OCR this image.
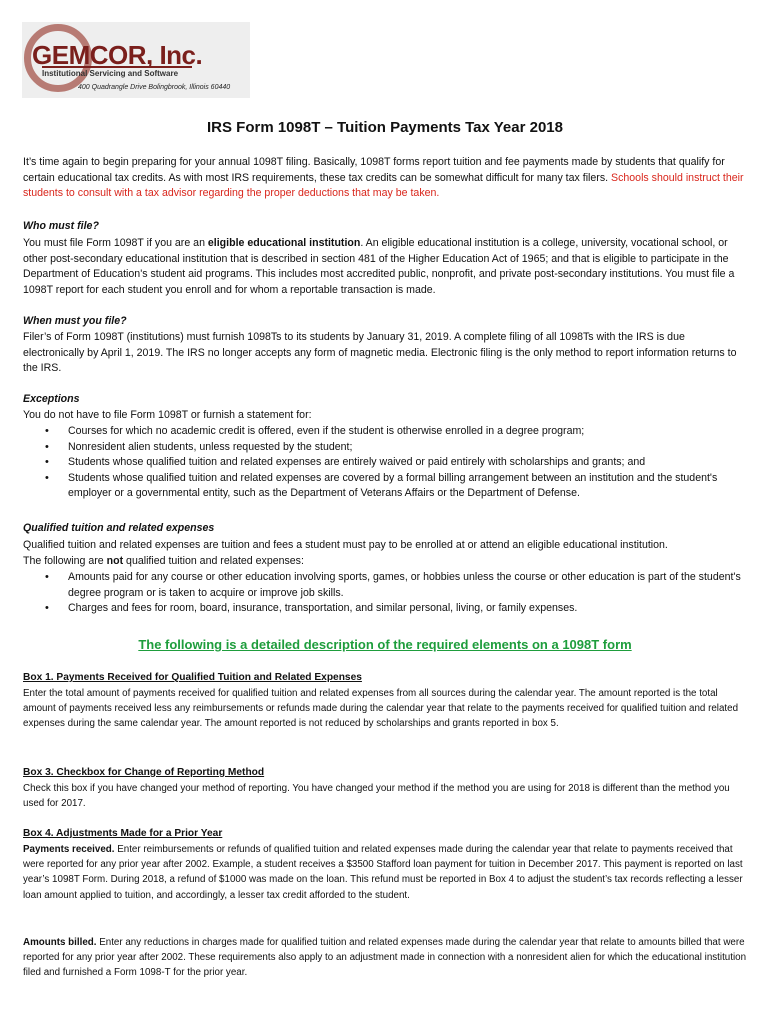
GEMCOR, Inc.
Institutional Servicing and Software
400 Quadrangle Drive Bolingbrook, Illinois 60440
IRS Form 1098T – Tuition Payments Tax Year 2018

It’s time again to begin preparing for your annual 1098T filing. Basically, 1098T forms report tuition and fee payments made by students that qualify for certain educational tax credits. As with most IRS requirements, these tax credits can be somewhat difficult for many tax filers. Schools should instruct their students to consult with a tax advisor regarding the proper deductions that may be taken.

Who must file?

You must file Form 1098T if you are an eligible educational institution. An eligible educational institution is a college, university, vocational school, or other post-secondary educational institution that is described in section 481 of the Higher Education Act of 1965; and that is eligible to participate in the Department of Education's student aid programs. This includes most accredited public, nonprofit, and private post-secondary institutions. You must file a 1098T report for each student you enroll and for whom a reportable transaction is made.

When must you file?

Filer’s of Form 1098T (institutions) must furnish 1098Ts to its students by January 31, 2019. A complete filing of all 1098Ts with the IRS is due electronically by April 1, 2019. The IRS no longer accepts any form of magnetic media. Electronic filing is the only method to report information returns to the IRS.

Exceptions

You do not have to file Form 1098T or furnish a statement for:

• Courses for which no academic credit is offered, even if the student is otherwise enrolled in a degree program;
• Nonresident alien students, unless requested by the student;
• Students whose qualified tuition and related expenses are entirely waived or paid entirely with scholarships and grants; and
• Students whose qualified tuition and related expenses are covered by a formal billing arrangement between an institution and the student's employer or a governmental entity, such as the Department of Veterans Affairs or the Department of Defense.

Qualified tuition and related expenses

Qualified tuition and related expenses are tuition and fees a student must pay to be enrolled at or attend an eligible educational institution.

The following are not qualified tuition and related expenses:

• Amounts paid for any course or other education involving sports, games, or hobbies unless the course or other education is part of the student's degree program or is taken to acquire or improve job skills.
• Charges and fees for room, board, insurance, transportation, and similar personal, living, or family expenses.
The following is a detailed description of the required elements on a 1098T form

Box 1. Payments Received for Qualified Tuition and Related Expenses

Enter the total amount of payments received for qualified tuition and related expenses from all sources during the calendar year. The amount reported is the total amount of payments received less any reimbursements or refunds made during the calendar year that relate to the payments received for qualified tuition and related expenses during the same calendar year. The amount reported is not reduced by scholarships and grants reported in box 5.

Box 3. Checkbox for Change of Reporting Method

Check this box if you have changed your method of reporting. You have changed your method if the method you are using for 2018 is different than the method you used for 2017.

Box 4. Adjustments Made for a Prior Year

Payments received. Enter reimbursements or refunds of qualified tuition and related expenses made during the calendar year that relate to payments received that were reported for any prior year after 2002. Example, a student receives a $3500 Stafford loan payment for tuition in December 2017. This payment is reported on last year’s 1098T Form. During 2018, a refund of $1000 was made on the loan. This refund must be reported in Box 4 to adjust the student’s tax records reflecting a lesser loan amount applied to tuition, and accordingly, a lesser tax credit afforded to the student.

Amounts billed. Enter any reductions in charges made for qualified tuition and related expenses made during the calendar year that relate to amounts billed that were reported for any prior year after 2002. These requirements also apply to an adjustment made in connection with a nonresident alien for which the educational institution filed and furnished a Form 1098-T for the prior year.
